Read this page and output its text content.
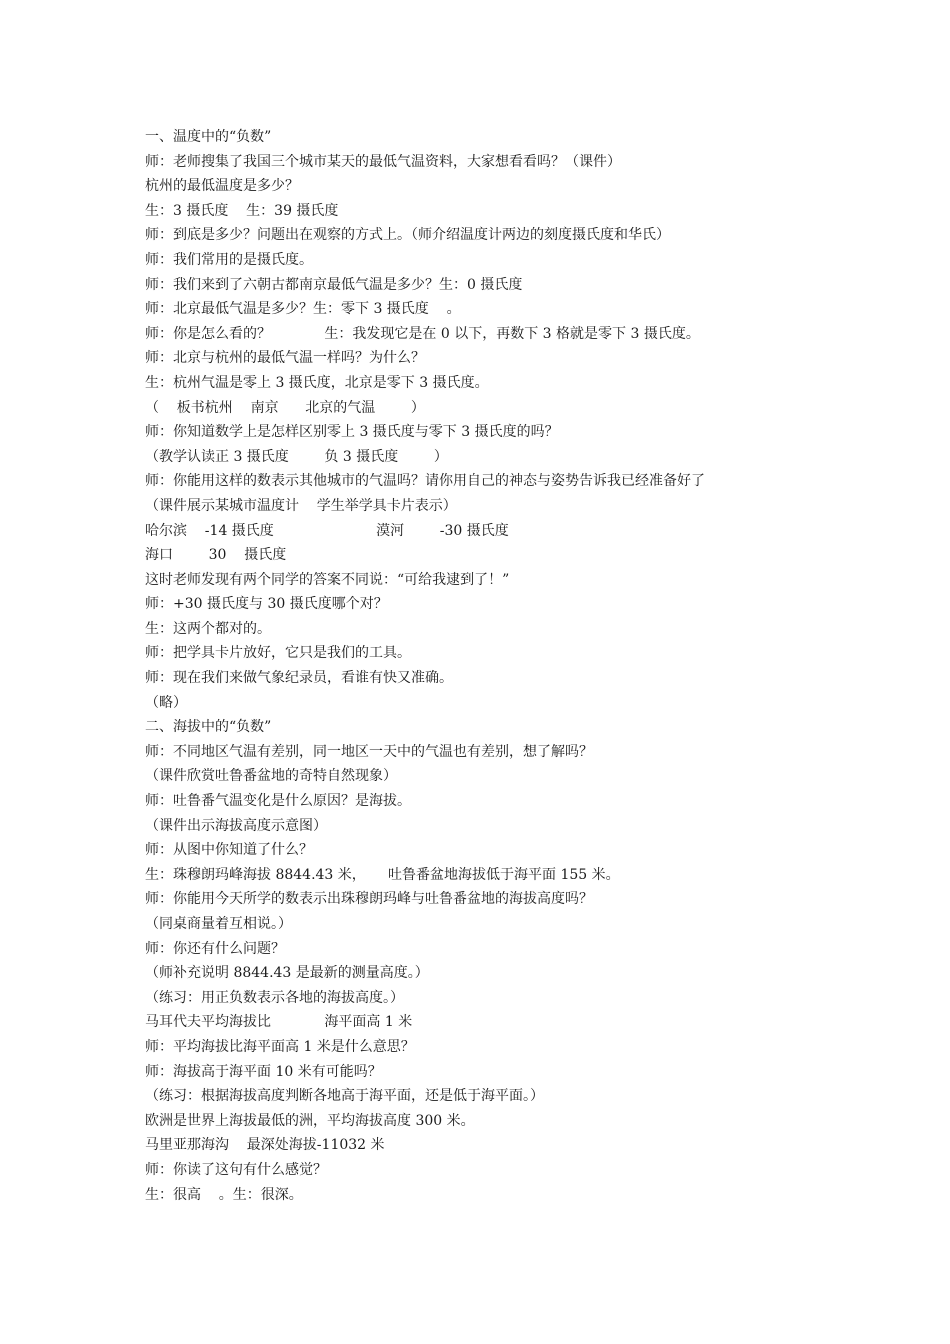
一、温度中的“负数”
师：老师搜集了我国三个城市某天的最低气温资料，大家想看看吗？（课件）
杭州的最低温度是多少？
生：3 摄氏度    生：39 摄氏度
师：到底是多少？问题出在观察的方式上。（师介绍温度计两边的刻度摄氏度和华氏）
师：我们常用的是摄氏度。
师：我们来到了六朝古都南京最低气温是多少？生：0 摄氏度
师：北京最低气温是多少？生：零下 3 摄氏度    。
师：你是怎么看的？            生：我发现它是在 0 以下，再数下 3 格就是零下 3 摄氏度。
师：北京与杭州的最低气温一样吗？为什么？
生：杭州气温是零上 3 摄氏度，北京是零下 3 摄氏度。
（    板书杭州    南京      北京的气温        ）
师：你知道数学上是怎样区别零上 3 摄氏度与零下 3 摄氏度的吗？
（教学认读正 3 摄氏度        负 3 摄氏度        ）
师：你能用这样的数表示其他城市的气温吗？请你用自己的神态与姿势告诉我已经准备好了
（课件展示某城市温度计    学生举学具卡片表示）
哈尔滨    -14 摄氏度                       漠河        -30 摄氏度
海口        30    摄氏度
这时老师发现有两个同学的答案不同说：“可给我逮到了！”
师：+30 摄氏度与 30 摄氏度哪个对？
生：这两个都对的。
师：把学具卡片放好，它只是我们的工具。
师：现在我们来做气象纪录员，看谁有快又准确。
（略）
二、海拔中的“负数”
师：不同地区气温有差别，同一地区一天中的气温也有差别，想了解吗？
（课件欣赏吐鲁番盆地的奇特自然现象）
师：吐鲁番气温变化是什么原因？是海拔。
（课件出示海拔高度示意图）
师：从图中你知道了什么？
生：珠穆朗玛峰海拔 8844.43 米，     吐鲁番盆地海拔低于海平面 155 米。
师：你能用今天所学的数表示出珠穆朗玛峰与吐鲁番盆地的海拔高度吗？
（同桌商量着互相说。）
师：你还有什么问题？
（师补充说明 8844.43 是最新的测量高度。）
（练习：用正负数表示各地的海拔高度。）
马耳代夫平均海拔比            海平面高 1 米
师：平均海拔比海平面高 1 米是什么意思？
师：海拔高于海平面 10 米有可能吗？
（练习：根据海拔高度判断各地高于海平面，还是低于海平面。）
欧洲是世界上海拔最低的洲，平均海拔高度 300 米。
马里亚那海沟    最深处海拔-11032 米
师：你读了这句有什么感觉？
生：很高    。生：很深。
